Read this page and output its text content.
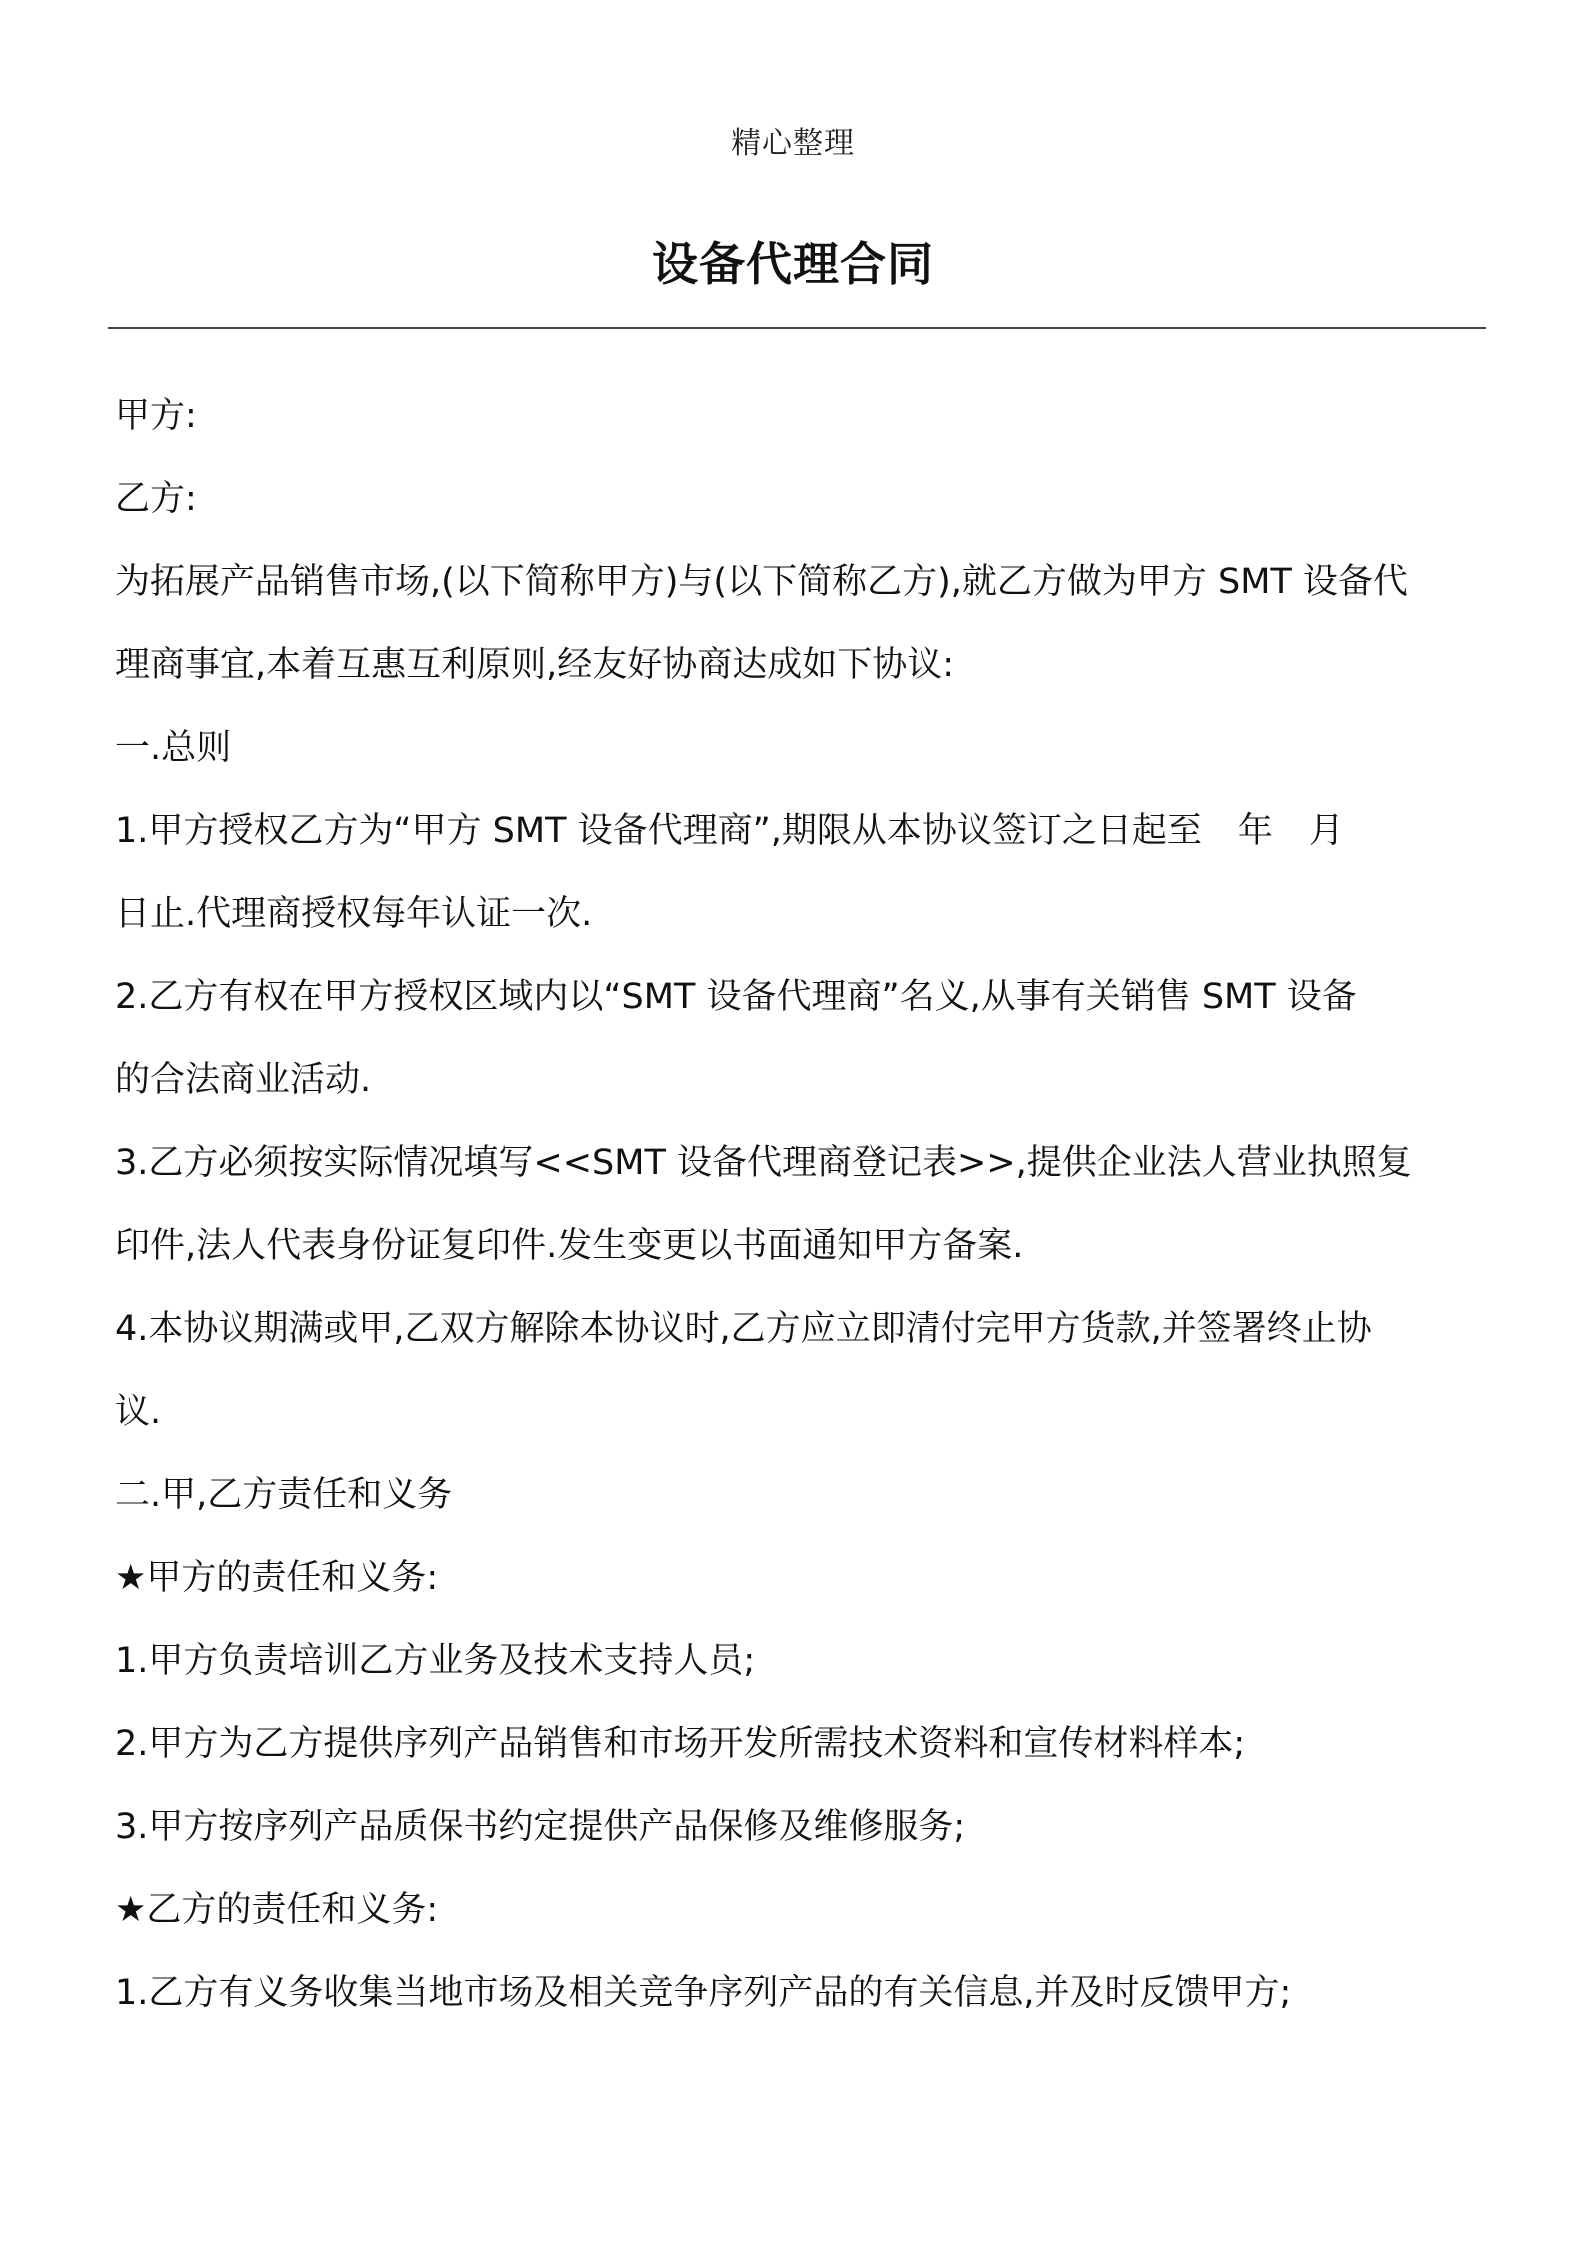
精心整理
设备代理合同

甲方:

乙方:

为拓展产品销售市场,(以下简称甲方)与(以下简称乙方),就乙方做为甲方 SMT 设备代
理商事宜,本着互惠互利原则,经友好协商达成如下协议:

一.总则

1.甲方授权乙方为“甲方 SMT 设备代理商”,期限从本协议签订之日起至 年 月
日止.代理商授权每年认证一次.

2.乙方有权在甲方授权区域内以“SMT 设备代理商”名义,从事有关销售 SMT 设备
的合法商业活动.

3.乙方必须按实际情况填写<<SMT 设备代理商登记表>>,提供企业法人营业执照复
印件,法人代表身份证复印件.发生变更以书面通知甲方备案.

4.本协议期满或甲,乙双方解除本协议时,乙方应立即清付完甲方货款,并签署终止协
议.

二.甲,乙方责任和义务

★甲方的责任和义务:

1.甲方负责培训乙方业务及技术支持人员;

2.甲方为乙方提供序列产品销售和市场开发所需技术资料和宣传材料样本;

3.甲方按序列产品质保书约定提供产品保修及维修服务;

★乙方的责任和义务:

1.乙方有义务收集当地市场及相关竞争序列产品的有关信息,并及时反馈甲方;
